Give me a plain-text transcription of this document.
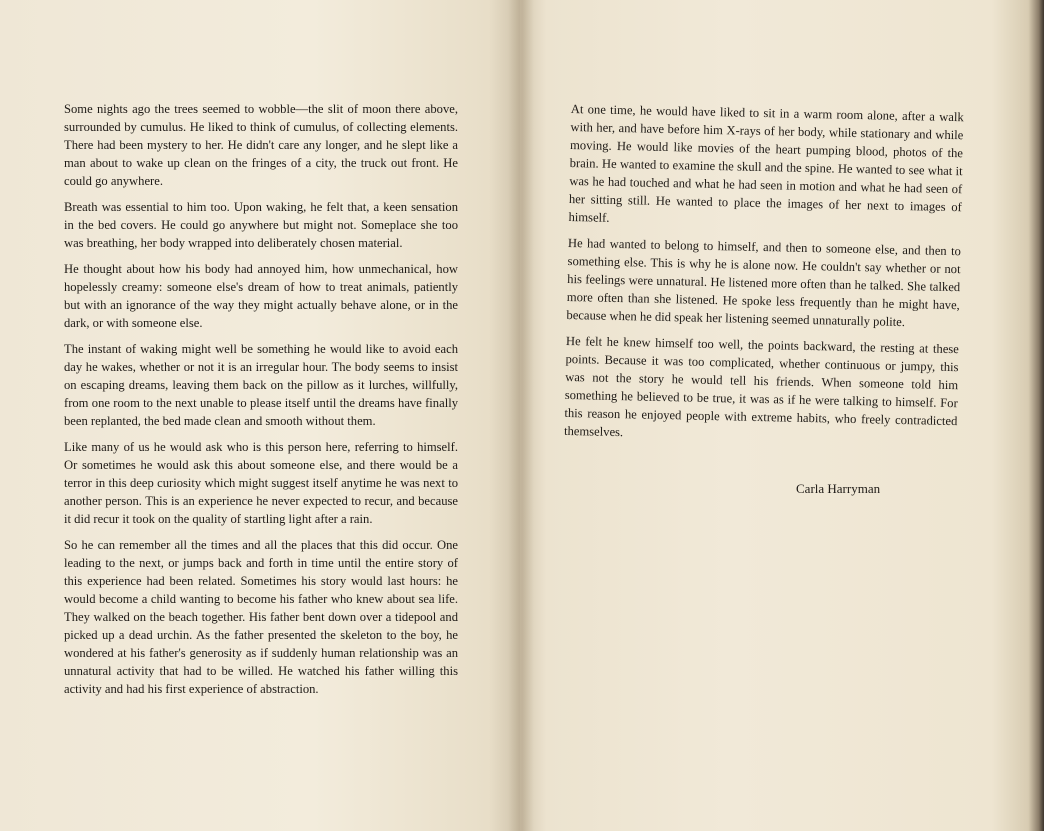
Some nights ago the trees seemed to wobble—the slit of moon there above, surrounded by cumulus. He liked to think of cumulus, of collecting elements. There had been mystery to her. He didn't care any longer, and he slept like a man about to wake up clean on the fringes of a city, the truck out front. He could go anywhere.

Breath was essential to him too. Upon waking, he felt that, a keen sensation in the bed covers. He could go anywhere but might not. Someplace she too was breathing, her body wrapped into deliberately chosen material.

He thought about how his body had annoyed him, how unmechanical, how hopelessly creamy: someone else's dream of how to treat animals, patiently but with an ignorance of the way they might actually behave alone, or in the dark, or with someone else.

The instant of waking might well be something he would like to avoid each day he wakes, whether or not it is an irregular hour. The body seems to insist on escaping dreams, leaving them back on the pillow as it lurches, willfully, from one room to the next unable to please itself until the dreams have finally been replanted, the bed made clean and smooth without them.

Like many of us he would ask who is this person here, referring to himself. Or sometimes he would ask this about someone else, and there would be a terror in this deep curiosity which might suggest itself anytime he was next to another person. This is an experience he never expected to recur, and because it did recur it took on the quality of startling light after a rain.

So he can remember all the times and all the places that this did occur. One leading to the next, or jumps back and forth in time until the entire story of this experience had been related. Sometimes his story would last hours: he would become a child wanting to become his father who knew about sea life. They walked on the beach together. His father bent down over a tidepool and picked up a dead urchin. As the father presented the skeleton to the boy, he wondered at his father's generosity as if suddenly human relationship was an unnatural activity that had to be willed. He watched his father willing this activity and had his first experience of abstraction.

At one time, he would have liked to sit in a warm room alone, after a walk with her, and have before him X-rays of her body, while stationary and while moving. He would like movies of the heart pumping blood, photos of the brain. He wanted to examine the skull and the spine. He wanted to see what it was he had touched and what he had seen in motion and what he had seen of her sitting still. He wanted to place the images of her next to images of himself.

He had wanted to belong to himself, and then to someone else, and then to something else. This is why he is alone now. He couldn't say whether or not his feelings were unnatural. He listened more often than he talked. She talked more often than she listened. He spoke less frequently than he might have, because when he did speak her listening seemed unnaturally polite.

He felt he knew himself too well, the points backward, the resting at these points. Because it was too complicated, whether continuous or jumpy, this was not the story he would tell his friends. When someone told him something he believed to be true, it was as if he were talking to himself. For this reason he enjoyed people with extreme habits, who freely contradicted themselves.

Carla Harryman
